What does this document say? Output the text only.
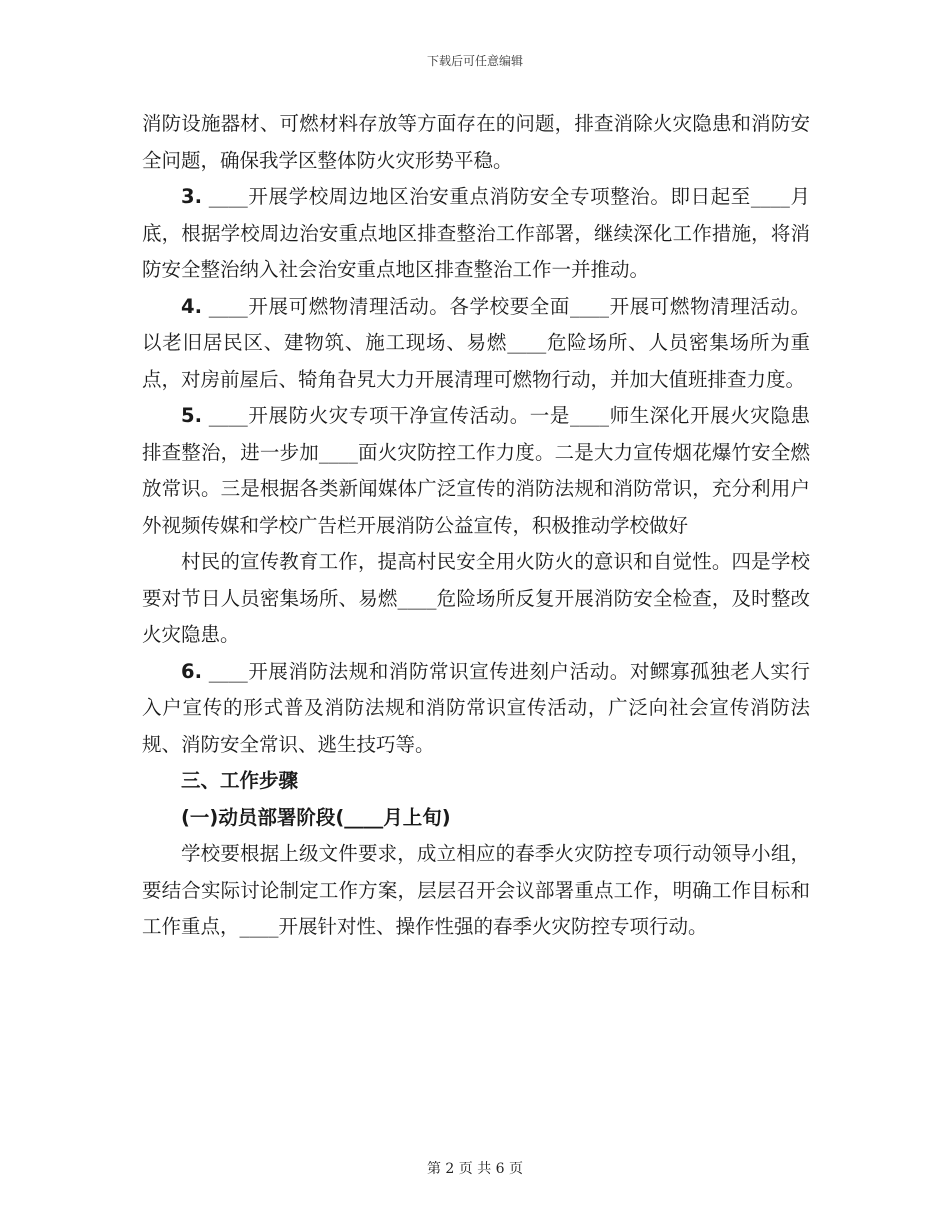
下载后可任意编辑

消防设施器材、可燃材料存放等方面存在的问题，排查消除火灾隐患和消防安全问题，确保我学区整体防火灾形势平稳。

3. ____开展学校周边地区治安重点消防安全专项整治。即日起至____月底，根据学校周边治安重点地区排查整治工作部署，继续深化工作措施，将消防安全整治纳入社会治安重点地区排查整治工作一并推动。

4. ____开展可燃物清理活动。各学校要全面____开展可燃物清理活动。以老旧居民区、建物筑、施工现场、易燃____危险场所、人员密集场所为重点，对房前屋后、犄角旮旯大力开展清理可燃物行动，并加大值班排查力度。

5. ____开展防火灾专项干净宣传活动。一是____师生深化开展火灾隐患排查整治，进一步加____面火灾防控工作力度。二是大力宣传烟花爆竹安全燃放常识。三是根据各类新闻媒体广泛宣传的消防法规和消防常识，充分利用户外视频传媒和学校广告栏开展消防公益宣传，积极推动学校做好

村民的宣传教育工作，提高村民安全用火防火的意识和自觉性。四是学校要对节日人员密集场所、易燃____危险场所反复开展消防安全检查，及时整改火灾隐患。

6. ____开展消防法规和消防常识宣传进刻户活动。对鳏寡孤独老人实行入户宣传的形式普及消防法规和消防常识宣传活动，广泛向社会宣传消防法规、消防安全常识、逃生技巧等。

三、工作步骤

(一)动员部署阶段(____月上旬)

学校要根据上级文件要求，成立相应的春季火灾防控专项行动领导小组，要结合实际讨论制定工作方案，层层召开会议部署重点工作，明确工作目标和工作重点，____开展针对性、操作性强的春季火灾防控专项行动。

第 2 页 共 6 页
